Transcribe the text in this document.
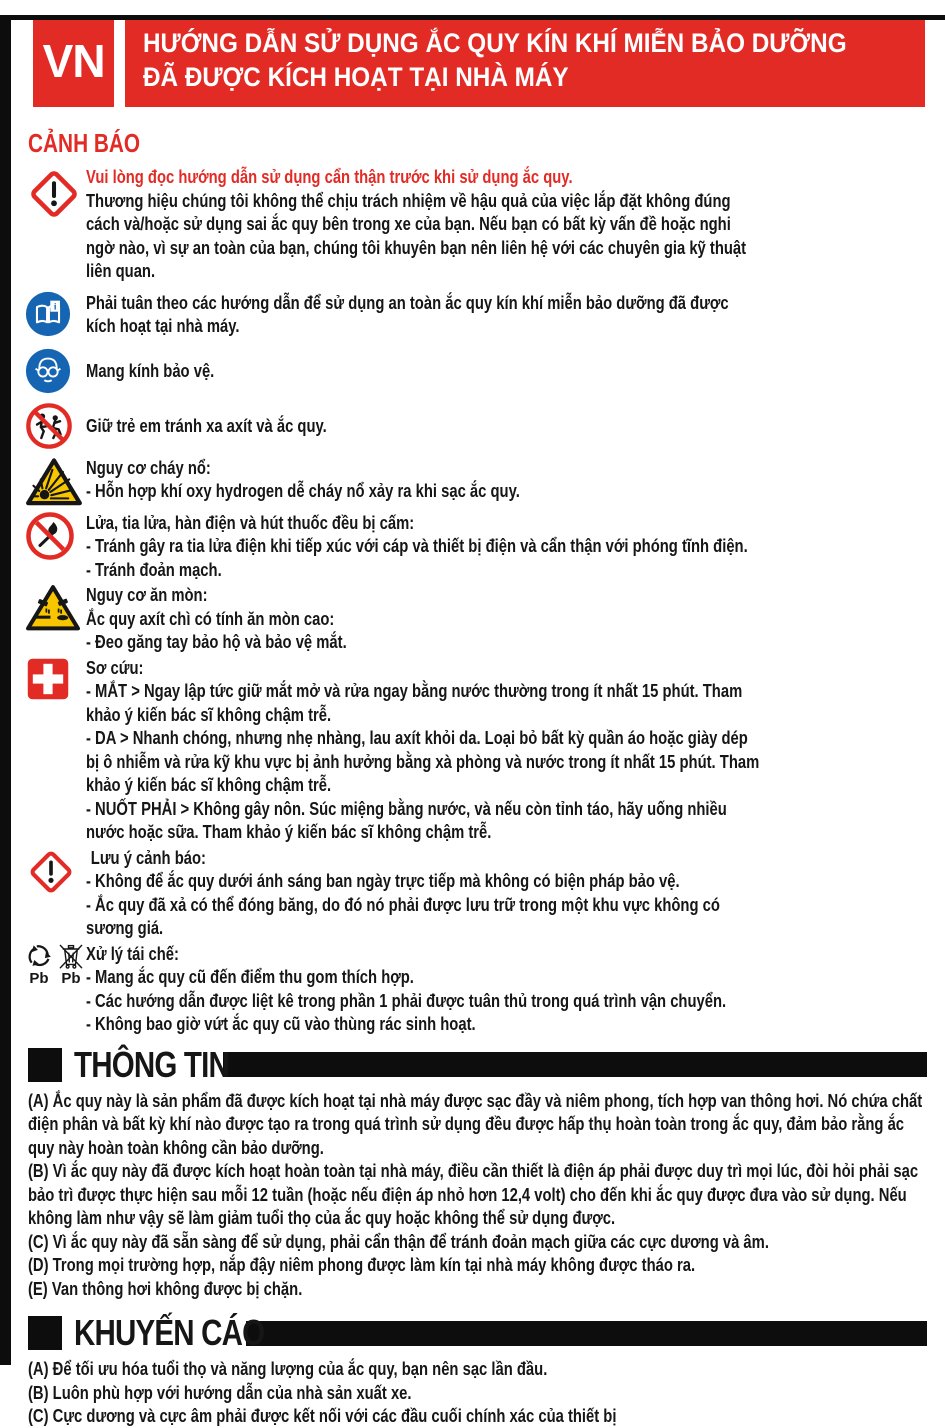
VN	HƯỚNG DẪN SỬ DỤNG ẮC QUY KÍN KHÍ MIỄN BẢO DƯỠNG
ĐÃ ĐƯỢC KÍCH HOẠT TẠI NHÀ MÁY
CẢNH BÁO
Vui lòng đọc hướng dẫn sử dụng cẩn thận trước khi sử dụng ắc quy.
Thương hiệu chúng tôi không thể chịu trách nhiệm về hậu quả của việc lắp đặt không đúng cách và/hoặc sử dụng sai ắc quy bên trong xe của bạn. Nếu bạn có bất kỳ vấn đề hoặc nghi ngờ nào, vì sự an toàn của bạn, chúng tôi khuyên bạn nên liên hệ với các chuyên gia kỹ thuật liên quan.
i Phải tuân theo các hướng dẫn để sử dụng an toàn ắc quy kín khí miễn bảo dưỡng đã được kích hoạt tại nhà máy.
Mang kính bảo vệ.
Giữ trẻ em tránh xa axít và ắc quy.
Nguy cơ cháy nổ:
- Hỗn hợp khí oxy hydrogen dễ cháy nổ xảy ra khi sạc ắc quy.
Lửa, tia lửa, hàn điện và hút thuốc đều bị cấm:
- Tránh gây ra tia lửa điện khi tiếp xúc với cáp và thiết bị điện và cẩn thận với phóng tĩnh điện.
- Tránh đoản mạch.
Nguy cơ ăn mòn:
Ắc quy axít chì có tính ăn mòn cao:
- Đeo găng tay bảo hộ và bảo vệ mắt.
Sơ cứu:
- MẮT > Ngay lập tức giữ mắt mở và rửa ngay bằng nước thường trong ít nhất 15 phút. Tham khảo ý kiến bác sĩ không chậm trễ.
- DA > Nhanh chóng, nhưng nhẹ nhàng, lau axít khỏi da. Loại bỏ bất kỳ quần áo hoặc giày dép bị ô nhiễm và rửa kỹ khu vực bị ảnh hưởng bằng xà phòng và nước trong ít nhất 15 phút. Tham khảo ý kiến bác sĩ không chậm trễ.
- NUỐT PHẢI > Không gây nôn. Súc miệng bằng nước, và nếu còn tỉnh táo, hãy uống nhiều nước hoặc sữa. Tham khảo ý kiến bác sĩ không chậm trễ.
Lưu ý cảnh báo:
- Không để ắc quy dưới ánh sáng ban ngày trực tiếp mà không có biện pháp bảo vệ.
- Ắc quy đã xả có thể đóng băng, do đó nó phải được lưu trữ trong một khu vực không có sương giá.
Pb Pb
Xử lý tái chế:
- Mang ắc quy cũ đến điểm thu gom thích hợp.
- Các hướng dẫn được liệt kê trong phần 1 phải được tuân thủ trong quá trình vận chuyển.
- Không bao giờ vứt ắc quy cũ vào thùng rác sinh hoạt.
THÔNG TIN

(A) Ắc quy này là sản phẩm đã được kích hoạt tại nhà máy được sạc đầy và niêm phong, tích hợp van thông hơi. Nó chứa chất điện phân và bất kỳ khí nào được tạo ra trong quá trình sử dụng đều được hấp thụ hoàn toàn trong ắc quy, đảm bảo rằng ắc quy này hoàn toàn không cần bảo dưỡng.

(B) Vì ắc quy này đã được kích hoạt hoàn toàn tại nhà máy, điều cần thiết là điện áp phải được duy trì mọi lúc, đòi hỏi phải sạc bảo trì được thực hiện sau mỗi 12 tuần (hoặc nếu điện áp nhỏ hơn 12,4 volt) cho đến khi ắc quy được đưa vào sử dụng. Nếu không làm như vậy sẽ làm giảm tuổi thọ của ắc quy hoặc không thể sử dụng được.

(C) Vì ắc quy này đã sẵn sàng để sử dụng, phải cẩn thận để tránh đoản mạch giữa các cực dương và âm.

(D) Trong mọi trường hợp, nắp đậy niêm phong được làm kín tại nhà máy không được tháo ra.

(E) Van thông hơi không được bị chặn.

KHUYẾN CÁO

(A) Để tối ưu hóa tuổi thọ và năng lượng của ắc quy, bạn nên sạc lần đầu.

(B) Luôn phù hợp với hướng dẫn của nhà sản xuất xe.

(C) Cực dương và cực âm phải được kết nối với các đầu cuối chính xác của thiết bị
